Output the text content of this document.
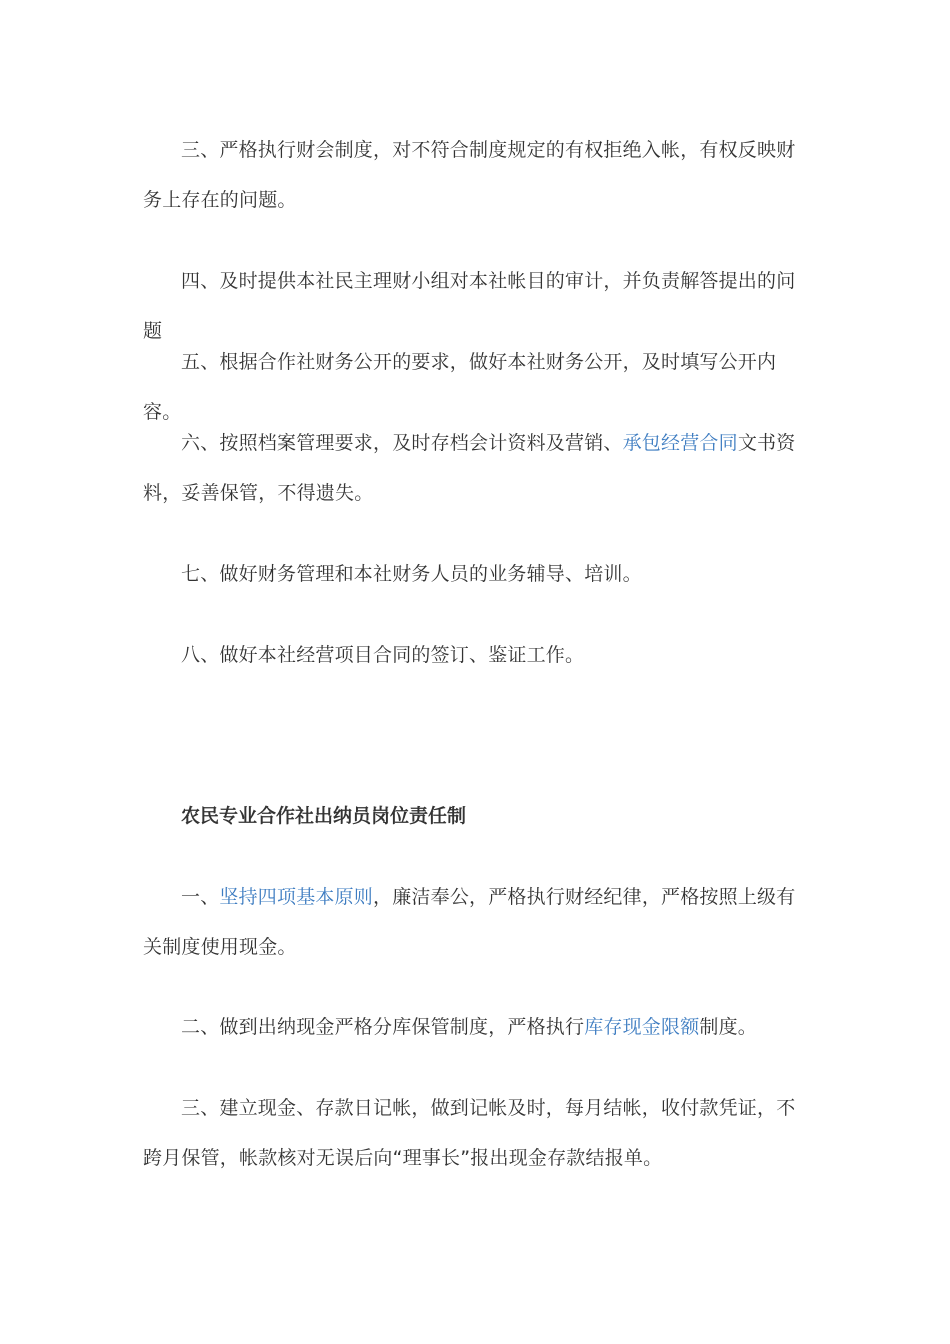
三、严格执行财会制度，对不符合制度规定的有权拒绝入帐，有权反映财务上存在的问题。

四、及时提供本社民主理财小组对本社帐目的审计，并负责解答提出的问题

五、根据合作社财务公开的要求，做好本社财务公开，及时填写公开内容。

六、按照档案管理要求，及时存档会计资料及营销、承包经营合同文书资料，妥善保管，不得遗失。

七、做好财务管理和本社财务人员的业务辅导、培训。

八、做好本社经营项目合同的签订、鉴证工作。

农民专业合作社出纳员岗位责任制

一、坚持四项基本原则，廉洁奉公，严格执行财经纪律，严格按照上级有关制度使用现金。

二、做到出纳现金严格分库保管制度，严格执行库存现金限额制度。

三、建立现金、存款日记帐，做到记帐及时，每月结帐，收付款凭证，不跨月保管，帐款核对无误后向“理事长”报出现金存款结报单。
